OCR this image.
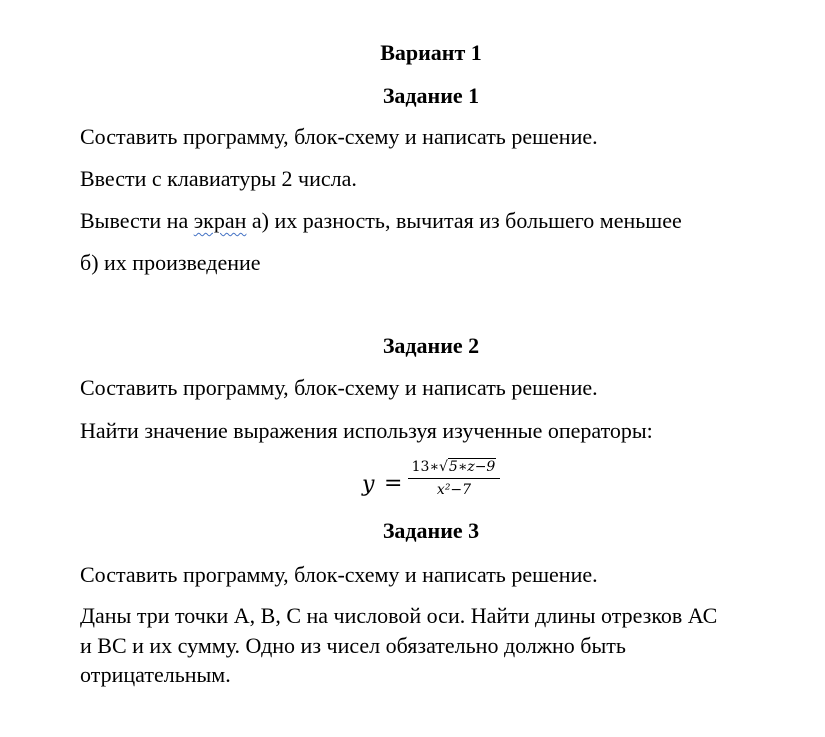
Вариант 1
Задание 1
Составить программу, блок-схему и написать решение.
Ввести с клавиатуры 2 числа.
Вывести на экран а) их разность, вычитая из большего меньшее
б) их произведение
Задание 2
Составить программу, блок-схему и написать решение.
Найти значение выражения используя изученные операторы:
y =
13∗√5∗z−9
x²−7
Задание 3
Составить программу, блок-схему и написать решение.
Даны три точки А, В, С на числовой оси. Найти длины отрезков АС
и ВС и их сумму. Одно из чисел обязательно должно быть
отрицательным.
